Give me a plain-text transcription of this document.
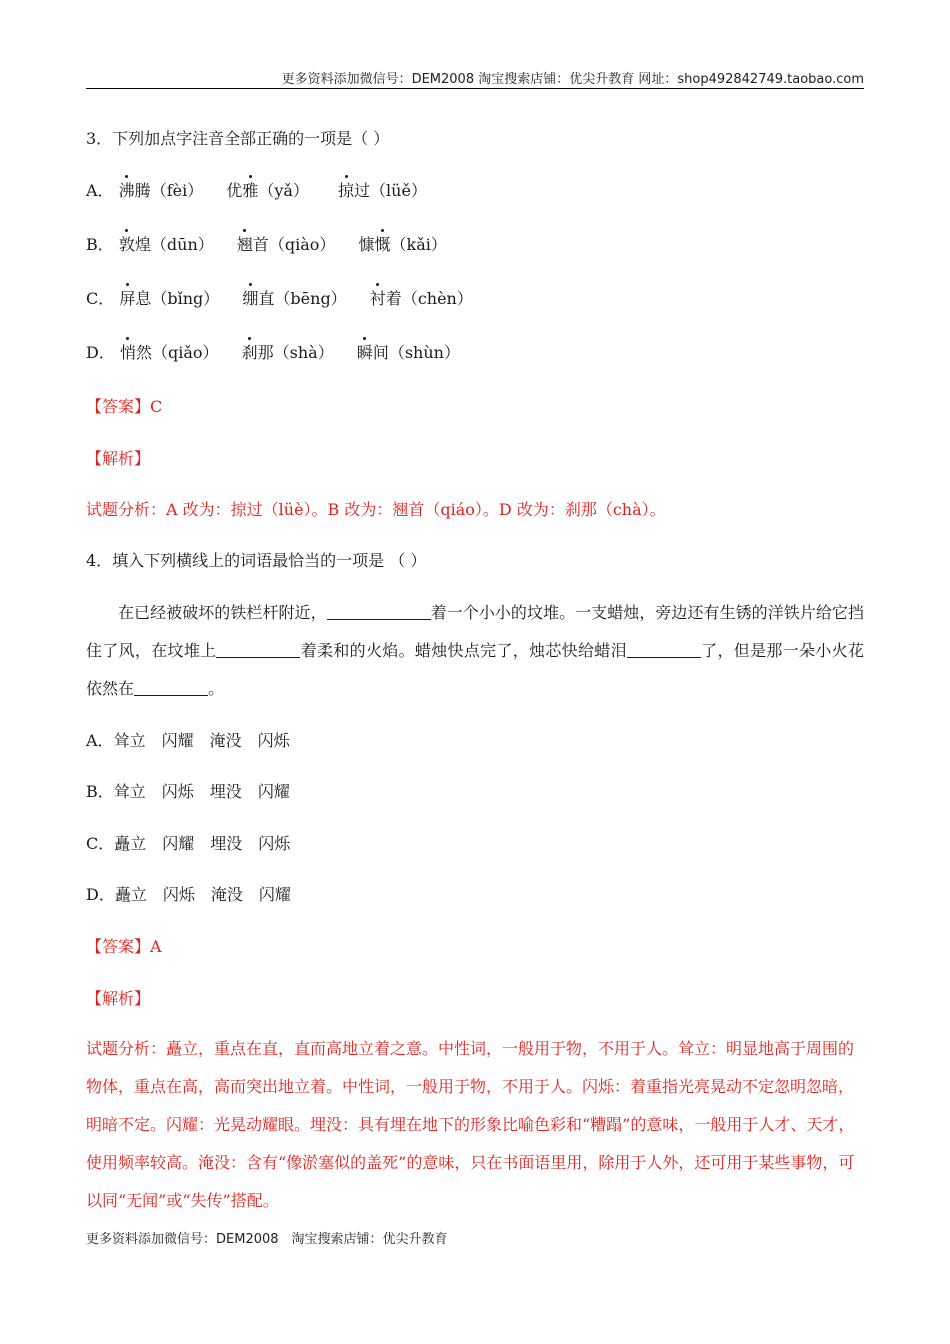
更多资料添加微信号：DEM2008 淘宝搜索店铺：优尖升教育 网址：shop492842749.taobao.com
3．下列加点字注音全部正确的一项是（ ）
A． 沸腾（fèi） 优雅（yǎ） 掠过（lüě）
B． 敦煌（dūn） 翘首（qiào） 慷慨（kǎi）
C． 屏息（bǐng） 绷直（bēng） 衬着（chèn）
D． 悄然（qiǎo） 刹那（shà） 瞬间（shùn）
【答案】C
【解析】
试题分析：A 改为：掠过（lüè）。B 改为：翘首（qiáo）。D 改为：刹那（chà）。
4．填入下列横线上的词语最恰当的一项是 （ ）
在已经被破坏的铁栏杆附近，	着一个小小的坟堆。一支蜡烛，旁边还有生锈的洋铁片给它挡住了风，在坟堆上	着柔和的火焰。蜡烛快点完了，烛芯快给蜡泪	了，但是那一朵小火花依然在	。
A．耸立 闪耀 淹没 闪烁
B．耸立 闪烁 埋没 闪耀
C．矗立 闪耀 埋没 闪烁
D．矗立 闪烁 淹没 闪耀
【答案】A
【解析】
试题分析：矗立，重点在直，直而高地立着之意。中性词，一般用于物，不用于人。耸立：明显地高于周围的物体，重点在高，高而突出地立着。中性词，一般用于物，不用于人。闪烁：着重指光亮晃动不定忽明忽暗，明暗不定。闪耀：光晃动耀眼。埋没：具有埋在地下的形象比喻色彩和“糟蹋”的意味，一般用于人才、天才，使用频率较高。淹没：含有“像淤塞似的盖死”的意味，只在书面语里用，除用于人外，还可用于某些事物，可以同“无闻”或“失传”搭配。
更多资料添加微信号：DEM2008　淘宝搜索店铺：优尖升教育
